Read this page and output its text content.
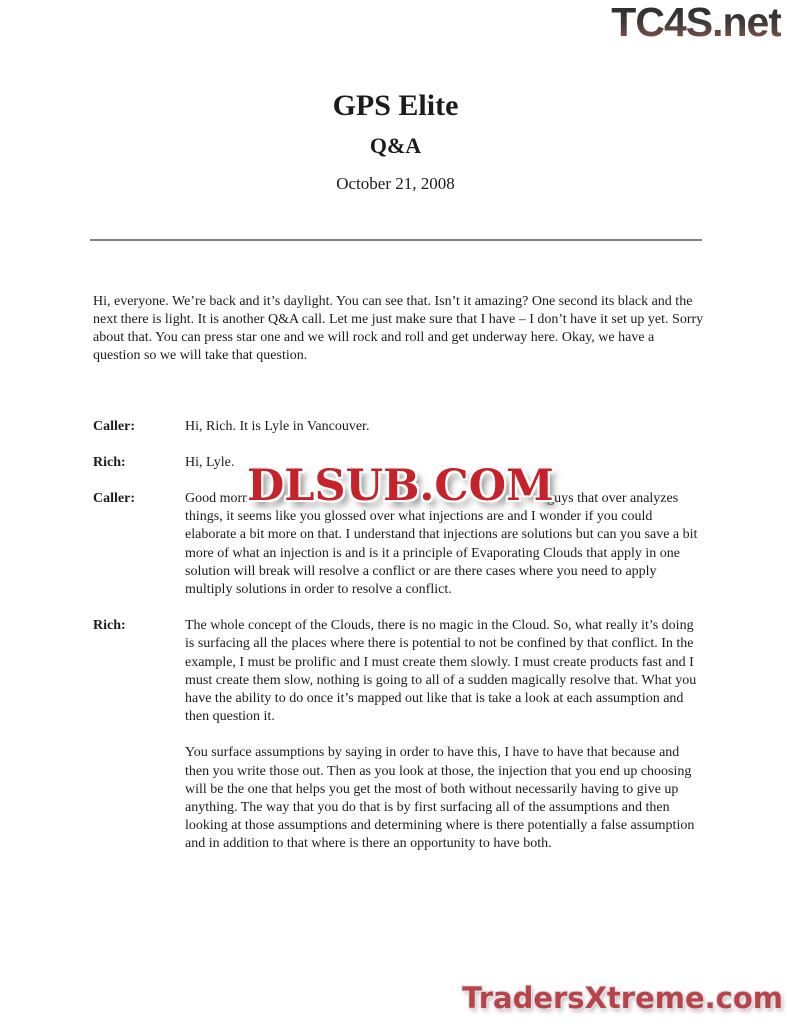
TC4S.net
GPS Elite
Q&A
October 21, 2008

Hi, everyone. We’re back and it’s daylight. You can see that. Isn’t it amazing? One second its black and the next there is light. It is another Q&A call. Let me just make sure that I have – I don’t have it set up yet. Sorry about that. You can press star one and we will rock and roll and get underway here. Okay, we have a question so we will take that question.

Caller:	Hi, Rich. It is Lyle in Vancouver.
Rich:	Hi, Lyle.
Caller:	Good morn	guys that over analyzes
things, it seems like you glossed over what injections are and I wonder if you could elaborate a bit more on that. I understand that injections are solutions but can you save a bit more of what an injection is and is it a principle of Evaporating Clouds that apply in one solution will break will resolve a conflict or are there cases where you need to apply multiply solutions in order to resolve a conflict.
DLSUB.COM
Rich:	The whole concept of the Clouds, there is no magic in the Cloud. So, what really it’s doing is surfacing all the places where there is potential to not be confined by that conflict. In the example, I must be prolific and I must create them slowly. I must create products fast and I must create them slow, nothing is going to all of a sudden magically resolve that. What you have the ability to do once it’s mapped out like that is take a look at each assumption and then question it.

You surface assumptions by saying in order to have this, I have to have that because and then you write those out. Then as you look at those, the injection that you end up choosing will be the one that helps you get the most of both without necessarily having to give up anything. The way that you do that is by first surfacing all of the assumptions and then looking at those assumptions and determining where is there potentially a false assumption and in addition to that where is there an opportunity to have both.

TradersXtreme.com
